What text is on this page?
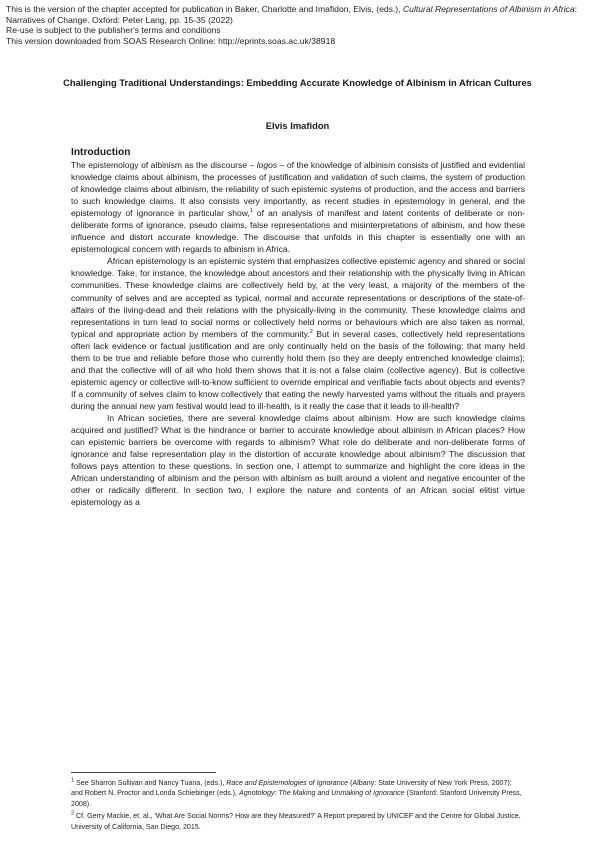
This is the version of the chapter accepted for publication in Baker, Charlotte and Imafidon, Elvis, (eds.), Cultural Representations of Albinism in Africa: Narratives of Change. Oxford: Peter Lang, pp. 15-35 (2022)

Re-use is subject to the publisher's terms and conditions

This version downloaded from SOAS Research Online: http://eprints.soas.ac.uk/38918

Challenging Traditional Understandings: Embedding Accurate Knowledge of Albinism in African Cultures
Elvis Imafidon
Introduction

The epistemology of albinism as the discourse – logos – of the knowledge of albinism consists of justified and evidential knowledge claims about albinism, the processes of justification and validation of such claims, the system of production of knowledge claims about albinism, the reliability of such epistemic systems of production, and the access and barriers to such knowledge claims. It also consists very importantly, as recent studies in epistemology in general, and the epistemology of ignorance in particular show,$^1$ of an analysis of manifest and latent contents of deliberate or non-deliberate forms of ignorance, pseudo claims, false representations and misinterpretations of albinism, and how these influence and distort accurate knowledge. The discourse that unfolds in this chapter is essentially one with an epistemological concern with regards to albinism in Africa.

African epistemology is an epistemic system that emphasizes collective epistemic agency and shared or social knowledge. Take, for instance, the knowledge about ancestors and their relationship with the physically living in African communities. These knowledge claims are collectively held by, at the very least, a majority of the members of the community of selves and are accepted as typical, normal and accurate representations or descriptions of the state-of-affairs of the living-dead and their relations with the physically-living in the community. These knowledge claims and representations in turn lead to social norms or collectively held norms or behaviours which are also taken as normal, typical and appropriate action by members of the community.$^2$ But in several cases, collectively held representations often lack evidence or factual justification and are only continually held on the basis of the following: that many held them to be true and reliable before those who currently hold them (so they are deeply entrenched knowledge claims); and that the collective will of all who hold them shows that it is not a false claim (collective agency). But is collective epistemic agency or collective will-to-know sufficient to override empirical and verifiable facts about objects and events? If a community of selves claim to know collectively that eating the newly harvested yams without the rituals and prayers during the annual new yam festival would lead to ill-health, is it really the case that it leads to ill-health?

In African societies, there are several knowledge claims about albinism. How are such knowledge claims acquired and justified? What is the hindrance or barrier to accurate knowledge about albinism in African places? How can epistemic barriers be overcome with regards to albinism? What role do deliberate and non-deliberate forms of ignorance and false representation play in the distortion of accurate knowledge about albinism? The discussion that follows pays attention to these questions. In section one, I attempt to summarize and highlight the core ideas in the African understanding of albinism and the person with albinism as built around a violent and negative encounter of the other or radically different. In section two, I explore the nature and contents of an African social elitist virtue epistemology as a

$^1$ See Sharron Sullivan and Nancy Tuana, (eds.), Race and Epistemologies of Ignorance (Albany: State University of New York Press, 2007); and Robert N. Proctor and Londa Schiebinger (eds.), Agnotology: The Making and Unmaking of Ignorance (Stanford: Stanford University Press, 2008).

$^2$ Cf. Gerry Mackie, et. al., 'What Are Social Norms? How are they Measured?' A Report prepared by UNICEF and the Centre for Global Justice, University of California, San Diego, 2015.
